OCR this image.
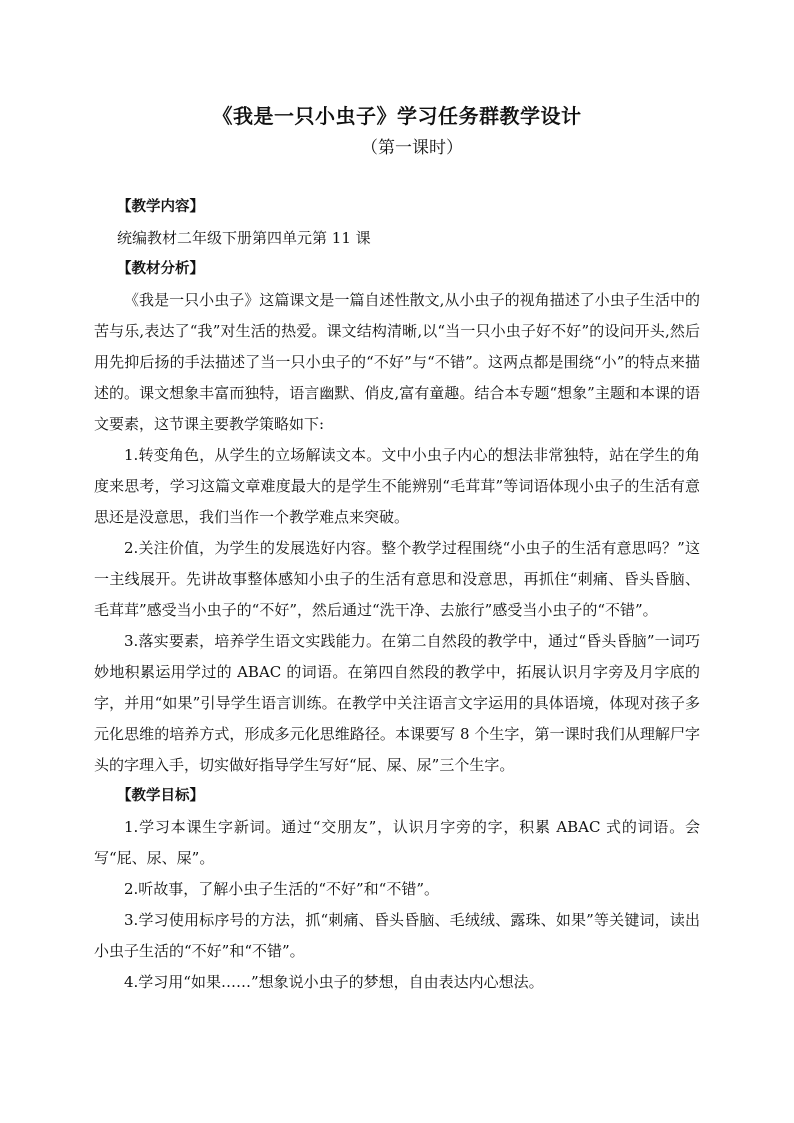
《我是一只小虫子》学习任务群教学设计
（第一课时）

【教学内容】

统编教材二年级下册第四单元第 11 课

【教材分析】

《我是一只小虫子》这篇课文是一篇自述性散文,从小虫子的视角描述了小虫子生活中的苦与乐,表达了“我”对生活的热爱。课文结构清晰,以“当一只小虫子好不好”的设问开头,然后用先抑后扬的手法描述了当一只小虫子的“不好”与“不错”。这两点都是围绕“小”的特点来描述的。课文想象丰富而独特，语言幽默、俏皮,富有童趣。结合本专题“想象”主题和本课的语文要素，这节课主要教学策略如下:

1.转变角色，从学生的立场解读文本。文中小虫子内心的想法非常独特，站在学生的角度来思考，学习这篇文章难度最大的是学生不能辨别“毛茸茸”等词语体现小虫子的生活有意思还是没意思，我们当作一个教学难点来突破。

2.关注价值，为学生的发展选好内容。整个教学过程围绕“小虫子的生活有意思吗？”这一主线展开。先讲故事整体感知小虫子的生活有意思和没意思，再抓住“刺痛、昏头昏脑、毛茸茸”感受当小虫子的“不好”，然后通过“洗干净、去旅行”感受当小虫子的“不错”。

3.落实要素，培养学生语文实践能力。在第二自然段的教学中，通过“昏头昏脑”一词巧妙地积累运用学过的 ABAC 的词语。在第四自然段的教学中，拓展认识月字旁及月字底的字，并用“如果”引导学生语言训练。在教学中关注语言文字运用的具体语境，体现对孩子多元化思维的培养方式，形成多元化思维路径。本课要写 8 个生字，第一课时我们从理解尸字头的字理入手，切实做好指导学生写好“屁、屎、尿”三个生字。

【教学目标】

1.学习本课生字新词。通过“交朋友”，认识月字旁的字，积累 ABAC 式的词语。会写“屁、尿、屎”。

2.听故事，了解小虫子生活的“不好”和“不错”。

3.学习使用标序号的方法，抓“刺痛、昏头昏脑、毛绒绒、露珠、如果”等关键词，读出小虫子生活的“不好”和“不错”。

4.学习用“如果……”想象说小虫子的梦想，自由表达内心想法。
